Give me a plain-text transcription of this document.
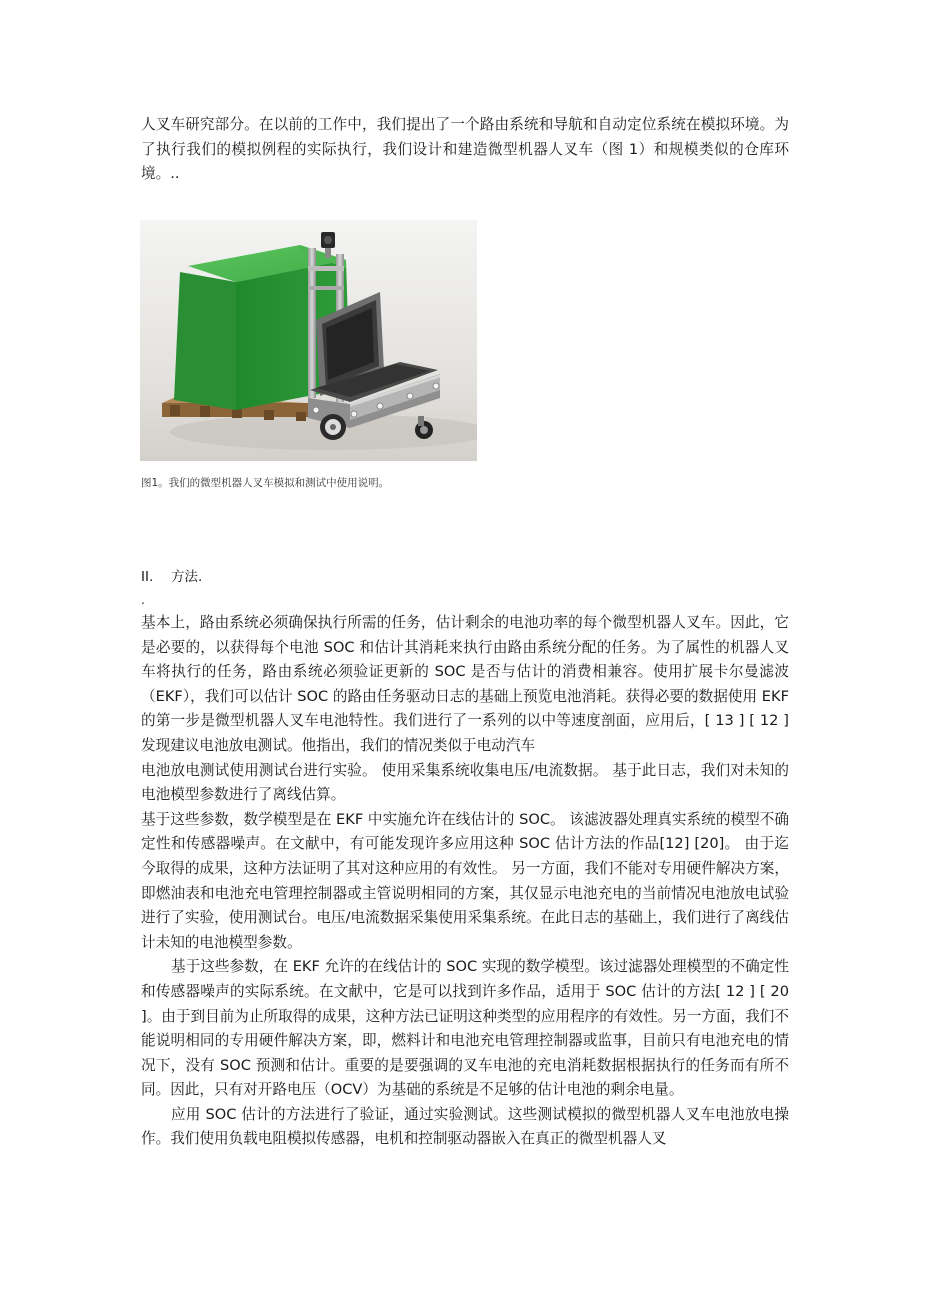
人叉车研究部分。在以前的工作中，我们提出了一个路由系统和导航和自动定位系统在模拟环境。为了执行我们的模拟例程的实际执行，我们设计和建造微型机器人叉车（图 1）和规模类似的仓库环境。..

图1。我们的微型机器人叉车模拟和测试中使用说明。
II. 方法.
.

基本上，路由系统必须确保执行所需的任务，估计剩余的电池功率的每个微型机器人叉车。因此，它是必要的，以获得每个电池 SOC 和估计其消耗来执行由路由系统分配的任务。为了属性的机器人叉车将执行的任务，路由系统必须验证更新的 SOC 是否与估计的消费相兼容。使用扩展卡尔曼滤波（EKF），我们可以估计 SOC 的路由任务驱动日志的基础上预览电池消耗。获得必要的数据使用 EKF 的第一步是微型机器人叉车电池特性。我们进行了一系列的以中等速度剖面，应用后，[ 13 ] [ 12 ]发现建议电池放电测试。他指出，我们的情况类似于电动汽车

电池放电测试使用测试台进行实验。 使用采集系统收集电压/电流数据。 基于此日志，我们对未知的电池模型参数进行了离线估算。

基于这些参数，数学模型是在 EKF 中实施允许在线估计的 SOC。 该滤波器处理真实系统的模型不确定性和传感器噪声。在文献中，有可能发现许多应用这种 SOC 估计方法的作品[12] [20]。 由于迄今取得的成果，这种方法证明了其对这种应用的有效性。 另一方面，我们不能对专用硬件解决方案，即燃油表和电池充电管理控制器或主管说明相同的方案，其仅显示电池充电的当前情况电池放电试验进行了实验，使用测试台。电压/电流数据采集使用采集系统。在此日志的基础上，我们进行了离线估计未知的电池模型参数。

基于这些参数，在 EKF 允许的在线估计的 SOC 实现的数学模型。该过滤器处理模型的不确定性和传感器噪声的实际系统。在文献中，它是可以找到许多作品，适用于 SOC 估计的方法[ 12 ] [ 20 ]。由于到目前为止所取得的成果，这种方法已证明这种类型的应用程序的有效性。另一方面，我们不能说明相同的专用硬件解决方案，即，燃料计和电池充电管理控制器或监事，目前只有电池充电的情况下，没有 SOC 预测和估计。重要的是要强调的叉车电池的充电消耗数据根据执行的任务而有所不同。因此，只有对开路电压（OCV）为基础的系统是不足够的估计电池的剩余电量。

应用 SOC 估计的方法进行了验证，通过实验测试。这些测试模拟的微型机器人叉车电池放电操作。我们使用负载电阻模拟传感器，电机和控制驱动器嵌入在真正的微型机器人叉
